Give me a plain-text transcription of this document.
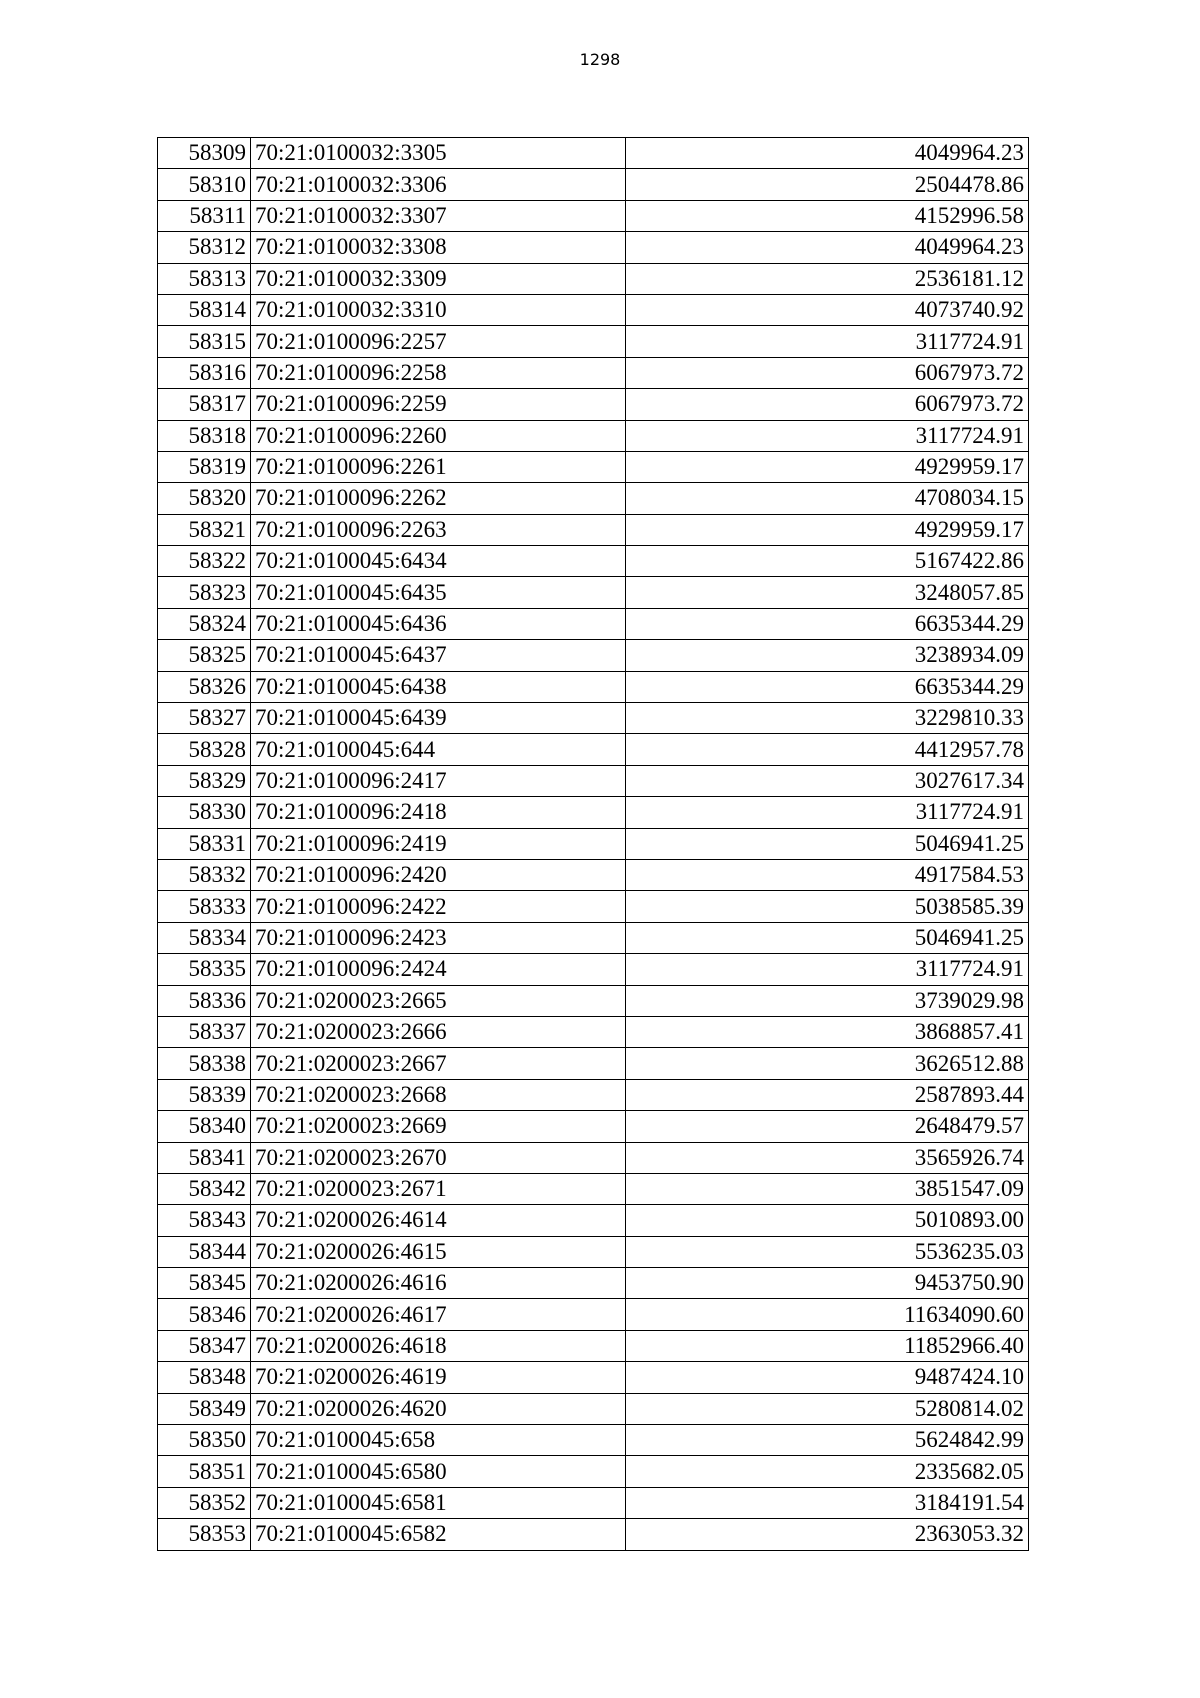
1298
58309	70:21:0100032:3305	4049964.23
58310	70:21:0100032:3306	2504478.86
58311	70:21:0100032:3307	4152996.58
58312	70:21:0100032:3308	4049964.23
58313	70:21:0100032:3309	2536181.12
58314	70:21:0100032:3310	4073740.92
58315	70:21:0100096:2257	3117724.91
58316	70:21:0100096:2258	6067973.72
58317	70:21:0100096:2259	6067973.72
58318	70:21:0100096:2260	3117724.91
58319	70:21:0100096:2261	4929959.17
58320	70:21:0100096:2262	4708034.15
58321	70:21:0100096:2263	4929959.17
58322	70:21:0100045:6434	5167422.86
58323	70:21:0100045:6435	3248057.85
58324	70:21:0100045:6436	6635344.29
58325	70:21:0100045:6437	3238934.09
58326	70:21:0100045:6438	6635344.29
58327	70:21:0100045:6439	3229810.33
58328	70:21:0100045:644	4412957.78
58329	70:21:0100096:2417	3027617.34
58330	70:21:0100096:2418	3117724.91
58331	70:21:0100096:2419	5046941.25
58332	70:21:0100096:2420	4917584.53
58333	70:21:0100096:2422	5038585.39
58334	70:21:0100096:2423	5046941.25
58335	70:21:0100096:2424	3117724.91
58336	70:21:0200023:2665	3739029.98
58337	70:21:0200023:2666	3868857.41
58338	70:21:0200023:2667	3626512.88
58339	70:21:0200023:2668	2587893.44
58340	70:21:0200023:2669	2648479.57
58341	70:21:0200023:2670	3565926.74
58342	70:21:0200023:2671	3851547.09
58343	70:21:0200026:4614	5010893.00
58344	70:21:0200026:4615	5536235.03
58345	70:21:0200026:4616	9453750.90
58346	70:21:0200026:4617	11634090.60
58347	70:21:0200026:4618	11852966.40
58348	70:21:0200026:4619	9487424.10
58349	70:21:0200026:4620	5280814.02
58350	70:21:0100045:658	5624842.99
58351	70:21:0100045:6580	2335682.05
58352	70:21:0100045:6581	3184191.54
58353	70:21:0100045:6582	2363053.32
